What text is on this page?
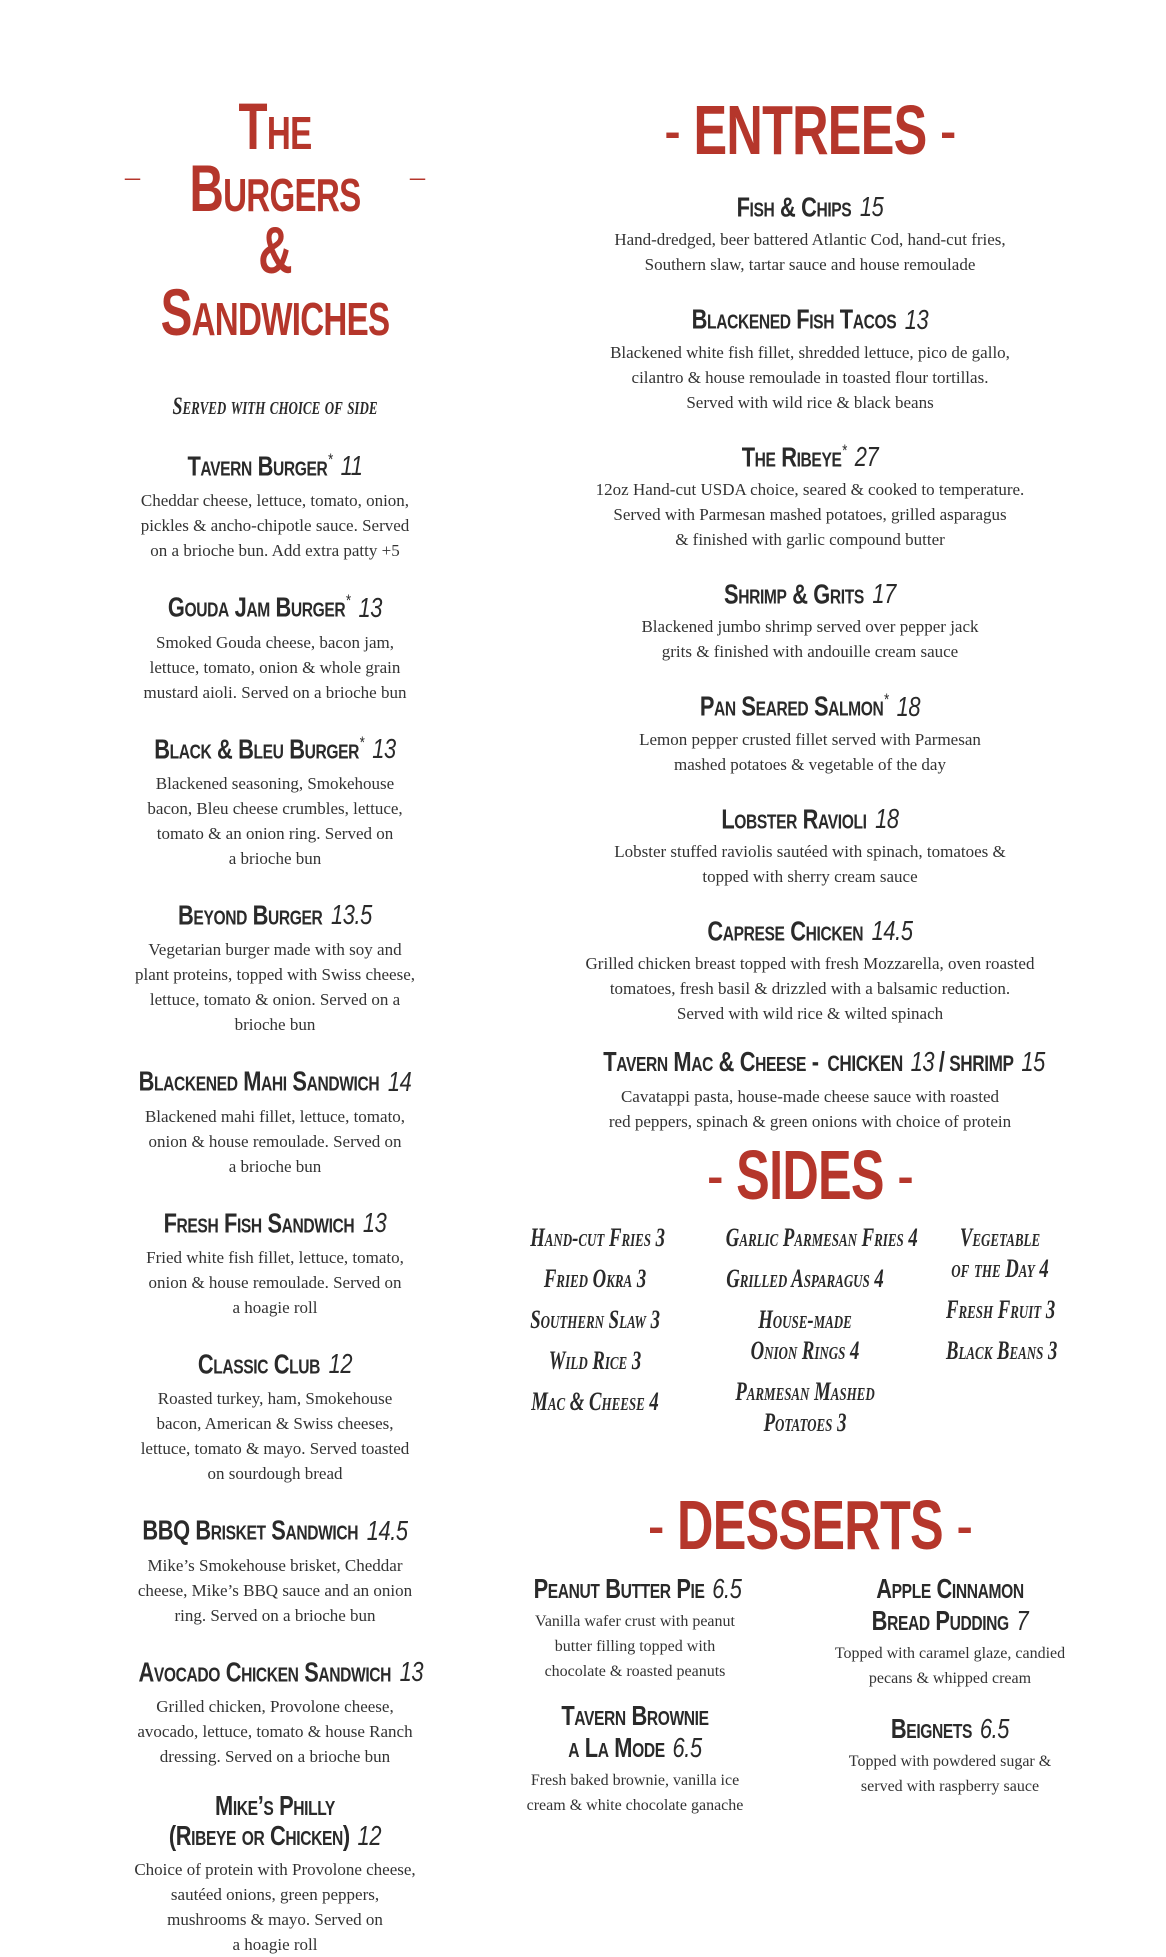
_	_
The Burgers
& Sandwiches
Served with choice of side
Tavern Burger* 11
Cheddar cheese, lettuce, tomato, onion,
pickles & ancho-chipotle sauce. Served
on a brioche bun. Add extra patty +5
Gouda Jam Burger* 13
Smoked Gouda cheese, bacon jam,
lettuce, tomato, onion & whole grain
mustard aioli. Served on a brioche bun
Black & Bleu Burger* 13
Blackened seasoning, Smokehouse
bacon, Bleu cheese crumbles, lettuce,
tomato & an onion ring. Served on
a brioche bun
Beyond Burger 13.5
Vegetarian burger made with soy and
plant proteins, topped with Swiss cheese,
lettuce, tomato & onion. Served on a
brioche bun
Blackened Mahi Sandwich 14
Blackened mahi fillet, lettuce, tomato,
onion & house remoulade. Served on
a brioche bun
Fresh Fish Sandwich 13
Fried white fish fillet, lettuce, tomato,
onion & house remoulade. Served on
a hoagie roll
Classic Club 12
Roasted turkey, ham, Smokehouse
bacon, American & Swiss cheeses,
lettuce, tomato & mayo. Served toasted
on sourdough bread
BBQ Brisket Sandwich 14.5
Mike’s Smokehouse brisket, Cheddar
cheese, Mike’s BBQ sauce and an onion
ring. Served on a brioche bun
Avocado Chicken Sandwich 13
Grilled chicken, Provolone cheese,
avocado, lettuce, tomato & house Ranch
dressing. Served on a brioche bun
Mike’s Philly
(Ribeye or Chicken) 12
Choice of protein with Provolone cheese,
sautéed onions, green peppers,
mushrooms & mayo. Served on
a hoagie roll
- ENTREES -
Fish & Chips 15
Hand-dredged, beer battered Atlantic Cod, hand-cut fries,
Southern slaw, tartar sauce and house remoulade
Blackened Fish Tacos 13
Blackened white fish fillet, shredded lettuce, pico de gallo,
cilantro & house remoulade in toasted flour tortillas.
Served with wild rice & black beans
The Ribeye* 27
12oz Hand-cut USDA choice, seared & cooked to temperature.
Served with Parmesan mashed potatoes, grilled asparagus
& finished with garlic compound butter
Shrimp & Grits 17
Blackened jumbo shrimp served over pepper jack
grits & finished with andouille cream sauce
Pan Seared Salmon* 18
Lemon pepper crusted fillet served with Parmesan
mashed potatoes & vegetable of the day
Lobster Ravioli 18
Lobster stuffed raviolis sautéed with spinach, tomatoes &
topped with sherry cream sauce
Caprese Chicken 14.5
Grilled chicken breast topped with fresh Mozzarella, oven roasted
tomatoes, fresh basil & drizzled with a balsamic reduction.
Served with wild rice & wilted spinach
Tavern Mac & Cheese - CHICKEN 13 / SHRIMP 15
Cavatappi pasta, house-made cheese sauce with roasted
red peppers, spinach & green onions with choice of protein
- SIDES -
Hand-cut Fries 3
Fried Okra 3
Southern Slaw 3
Wild Rice 3
Mac & Cheese 4
Garlic Parmesan Fries 4
Grilled Asparagus 4
House-made
Onion Rings 4
Parmesan Mashed
Potatoes 3
Vegetable
of the Day 4
Fresh Fruit 3
Black Beans 3
- DESSERTS -
Peanut Butter Pie 6.5
Vanilla wafer crust with peanut
butter filling topped with
chocolate & roasted peanuts
Apple Cinnamon
Bread Pudding 7
Topped with caramel glaze, candied
pecans & whipped cream
Tavern Brownie
a La Mode 6.5
Fresh baked brownie, vanilla ice
cream & white chocolate ganache
Beignets 6.5
Topped with powdered sugar &
served with raspberry sauce
